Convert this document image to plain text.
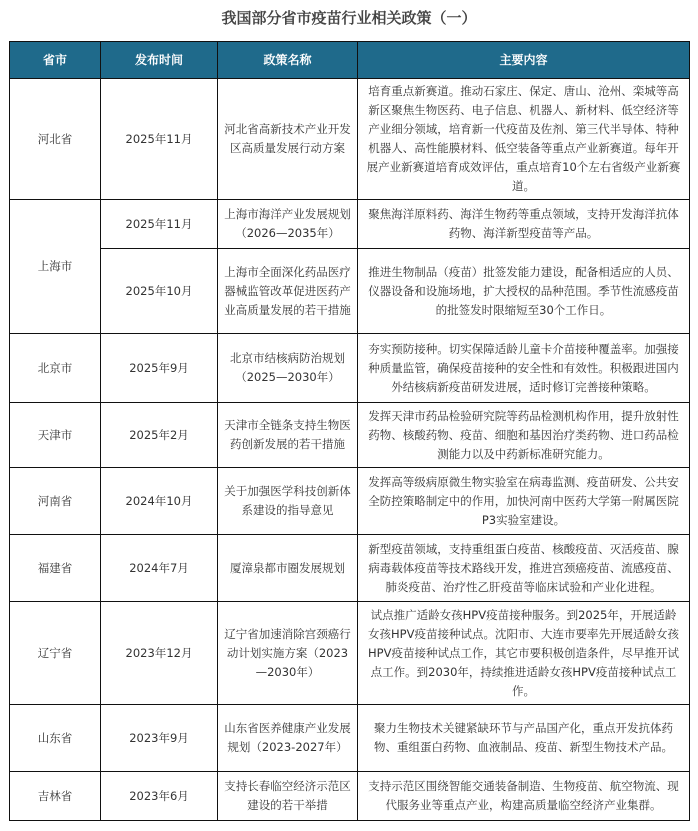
我国部分省市疫苗行业相关政策（一）
省市	发布时间	政策名称	主要内容
河北省	2025年11月	河北省高新技术产业开发区高质量发展行动方案	培育重点新赛道。推动石家庄、保定、唐山、沧州、栾城等高新区聚焦生物医药、电子信息、机器人、新材料、低空经济等产业细分领域，培育新一代疫苗及佐剂、第三代半导体、特种机器人、高性能膜材料、低空装备等重点产业新赛道。每年开展产业新赛道培育成效评估，重点培育10个左右省级产业新赛道。
上海市	2025年11月	上海市海洋产业发展规划（2026—2035年）	聚焦海洋原料药、海洋生物药等重点领域，支持开发海洋抗体药物、海洋新型疫苗等产品。
	2025年10月	上海市全面深化药品医疗器械监管改革促进医药产业高质量发展的若干措施	推进生物制品（疫苗）批签发能力建设，配备相适应的人员、仪器设备和设施场地，扩大授权的品种范围。季节性流感疫苗的批签发时限缩短至30个工作日。
北京市	2025年9月	北京市结核病防治规划（2025—2030年）	夯实预防接种。切实保障适龄儿童卡介苗接种覆盖率。加强接种质量监管，确保疫苗接种的安全性和有效性。积极跟进国内外结核病新疫苗研发进展，适时修订完善接种策略。
天津市	2025年2月	天津市全链条支持生物医药创新发展的若干措施	发挥天津市药品检验研究院等药品检测机构作用，提升放射性药物、核酸药物、疫苗、细胞和基因治疗类药物、进口药品检测能力以及中药新标准研究能力。
河南省	2024年10月	关于加强医学科技创新体系建设的指导意见	发挥高等级病原微生物实验室在病毒监测、疫苗研发、公共安全防控策略制定中的作用，加快河南中医药大学第一附属医院P3实验室建设。
福建省	2024年7月	厦漳泉都市圈发展规划	新型疫苗领域，支持重组蛋白疫苗、核酸疫苗、灭活疫苗、腺病毒载体疫苗等技术路线开发，推进宫颈癌疫苗、流感疫苗、肺炎疫苗、治疗性乙肝疫苗等临床试验和产业化进程。
辽宁省	2023年12月	辽宁省加速消除宫颈癌行动计划实施方案（2023—2030年）	试点推广适龄女孩HPV疫苗接种服务。到2025年，开展适龄女孩HPV疫苗接种试点。沈阳市、大连市要率先开展适龄女孩HPV疫苗接种试点工作，其它市要积极创造条件，尽早推开试点工作。到2030年，持续推进适龄女孩HPV疫苗接种试点工作。
山东省	2023年9月	山东省医养健康产业发展规划（2023-2027年）	聚力生物技术关键紧缺环节与产品国产化，重点开发抗体药物、重组蛋白药物、血液制品、疫苗、新型生物技术产品。
吉林省	2023年6月	支持长春临空经济示范区建设的若干举措	支持示范区围绕智能交通装备制造、生物疫苗、航空物流、现代服务业等重点产业，构建高质量临空经济产业集群。
